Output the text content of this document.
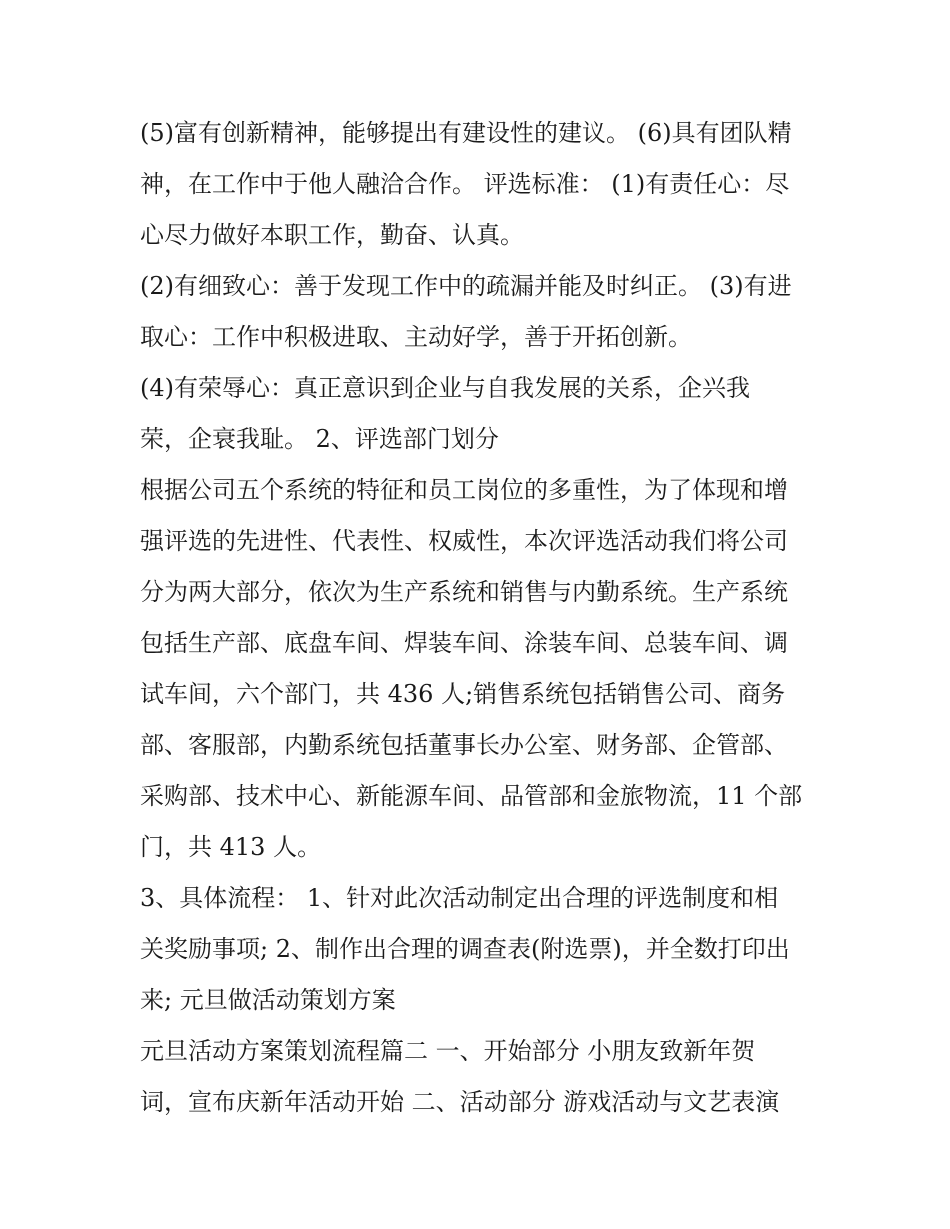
(5)富有创新精神，能够提出有建设性的建议。 (6)具有团队精
神，在工作中于他人融洽合作。 评选标准： (1)有责任心：尽
心尽力做好本职工作，勤奋、认真。
(2)有细致心：善于发现工作中的疏漏并能及时纠正。 (3)有进
取心：工作中积极进取、主动好学，善于开拓创新。
(4)有荣辱心：真正意识到企业与自我发展的关系，企兴我
荣，企衰我耻。 2、评选部门划分
根据公司五个系统的特征和员工岗位的多重性，为了体现和增
强评选的先进性、代表性、权威性，本次评选活动我们将公司
分为两大部分，依次为生产系统和销售与内勤系统。生产系统
包括生产部、底盘车间、焊装车间、涂装车间、总装车间、调
试车间，六个部门，共 436 人;销售系统包括销售公司、商务
部、客服部，内勤系统包括董事长办公室、财务部、企管部、
采购部、技术中心、新能源车间、品管部和金旅物流，11 个部
门，共 413 人。
3、具体流程： 1、针对此次活动制定出合理的评选制度和相
关奖励事项; 2、制作出合理的调查表(附选票)，并全数打印出
来; 元旦做活动策划方案
元旦活动方案策划流程篇二 一、开始部分 小朋友致新年贺
词，宣布庆新年活动开始 二、活动部分 游戏活动与文艺表演
